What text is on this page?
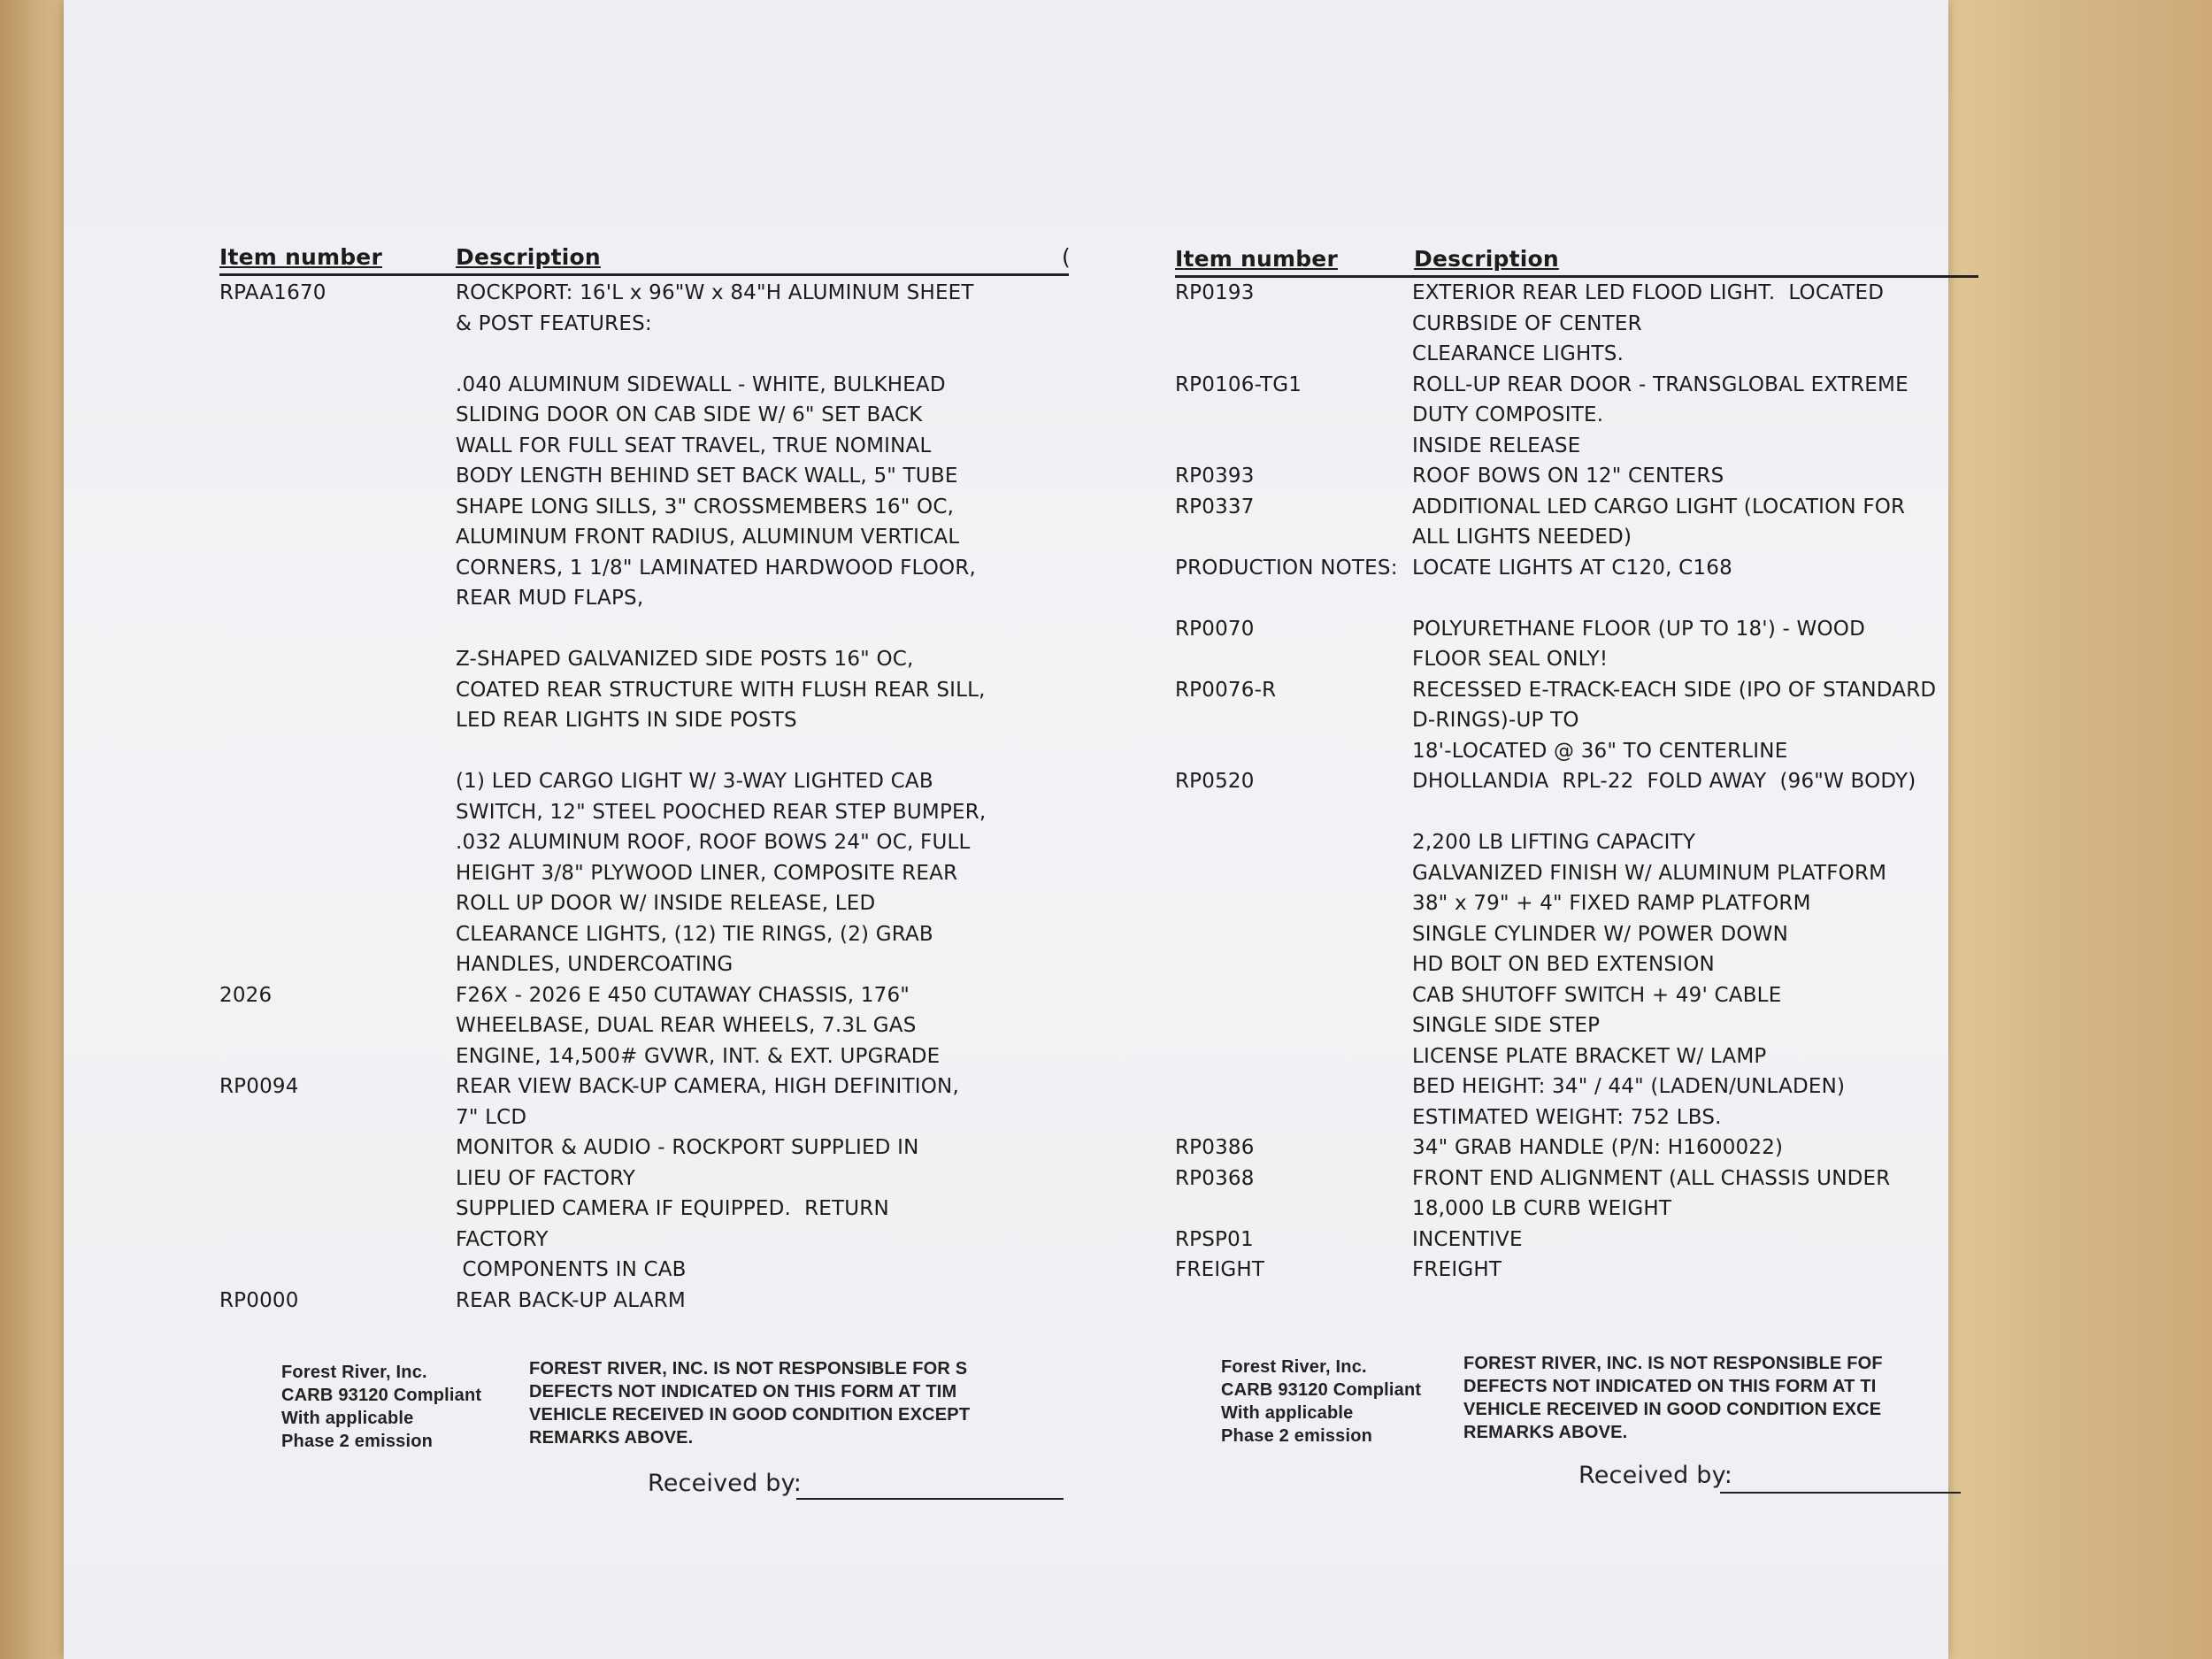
Item number	Description	(
RPAA1670	ROCKPORT: 16'L x 96"W x 84"H ALUMINUM SHEET
& POST FEATURES:
.040 ALUMINUM SIDEWALL - WHITE, BULKHEAD
SLIDING DOOR ON CAB SIDE W/ 6" SET BACK
WALL FOR FULL SEAT TRAVEL, TRUE NOMINAL
BODY LENGTH BEHIND SET BACK WALL, 5" TUBE
SHAPE LONG SILLS, 3" CROSSMEMBERS 16" OC,
ALUMINUM FRONT RADIUS, ALUMINUM VERTICAL
CORNERS, 1 1/8" LAMINATED HARDWOOD FLOOR,
REAR MUD FLAPS,
Z-SHAPED GALVANIZED SIDE POSTS 16" OC,
COATED REAR STRUCTURE WITH FLUSH REAR SILL,
LED REAR LIGHTS IN SIDE POSTS
(1) LED CARGO LIGHT W/ 3-WAY LIGHTED CAB
SWITCH, 12" STEEL POOCHED REAR STEP BUMPER,
.032 ALUMINUM ROOF, ROOF BOWS 24" OC, FULL
HEIGHT 3/8" PLYWOOD LINER, COMPOSITE REAR
ROLL UP DOOR W/ INSIDE RELEASE, LED
CLEARANCE LIGHTS, (12) TIE RINGS, (2) GRAB
HANDLES, UNDERCOATING
2026	F26X - 2026 E 450 CUTAWAY CHASSIS, 176"
WHEELBASE, DUAL REAR WHEELS, 7.3L GAS
ENGINE, 14,500# GVWR, INT. & EXT. UPGRADE
RP0094	REAR VIEW BACK-UP CAMERA, HIGH DEFINITION,
7" LCD
MONITOR & AUDIO - ROCKPORT SUPPLIED IN
LIEU OF FACTORY
SUPPLIED CAMERA IF EQUIPPED.  RETURN
FACTORY
COMPONENTS IN CAB
RP0000	REAR BACK-UP ALARM
Forest River, Inc.
CARB 93120 Compliant
With applicable
Phase 2 emission
FOREST RIVER, INC. IS NOT RESPONSIBLE FOR S
DEFECTS NOT INDICATED ON THIS FORM AT TIM
VEHICLE RECEIVED IN GOOD CONDITION EXCEPT
REMARKS ABOVE.
Received by:
Item number	Description
RP0193	EXTERIOR REAR LED FLOOD LIGHT.  LOCATED
CURBSIDE OF CENTER
CLEARANCE LIGHTS.
RP0106-TG1	ROLL-UP REAR DOOR - TRANSGLOBAL EXTREME
DUTY COMPOSITE.
INSIDE RELEASE
RP0393	ROOF BOWS ON 12" CENTERS
RP0337	ADDITIONAL LED CARGO LIGHT (LOCATION FOR
ALL LIGHTS NEEDED)
PRODUCTION NOTES: LOCATE LIGHTS AT C120, C168
RP0070	POLYURETHANE FLOOR (UP TO 18') - WOOD
FLOOR SEAL ONLY!
RP0076-R	RECESSED E-TRACK-EACH SIDE (IPO OF STANDARD
D-RINGS)-UP TO
18'-LOCATED @ 36" TO CENTERLINE
RP0520	DHOLLANDIA  RPL-22  FOLD AWAY  (96"W BODY)
2,200 LB LIFTING CAPACITY
GALVANIZED FINISH W/ ALUMINUM PLATFORM
38" x 79" + 4" FIXED RAMP PLATFORM
SINGLE CYLINDER W/ POWER DOWN
HD BOLT ON BED EXTENSION
CAB SHUTOFF SWITCH + 49' CABLE
SINGLE SIDE STEP
LICENSE PLATE BRACKET W/ LAMP
BED HEIGHT: 34" / 44" (LADEN/UNLADEN)
ESTIMATED WEIGHT: 752 LBS.
RP0386	34" GRAB HANDLE (P/N: H1600022)
RP0368	FRONT END ALIGNMENT (ALL CHASSIS UNDER
18,000 LB CURB WEIGHT
RPSP01	INCENTIVE
FREIGHT	FREIGHT
Forest River, Inc.
CARB 93120 Compliant
With applicable
Phase 2 emission
FOREST RIVER, INC. IS NOT RESPONSIBLE FOF
DEFECTS NOT INDICATED ON THIS FORM AT TI
VEHICLE RECEIVED IN GOOD CONDITION EXCE
REMARKS ABOVE.
Received by:
